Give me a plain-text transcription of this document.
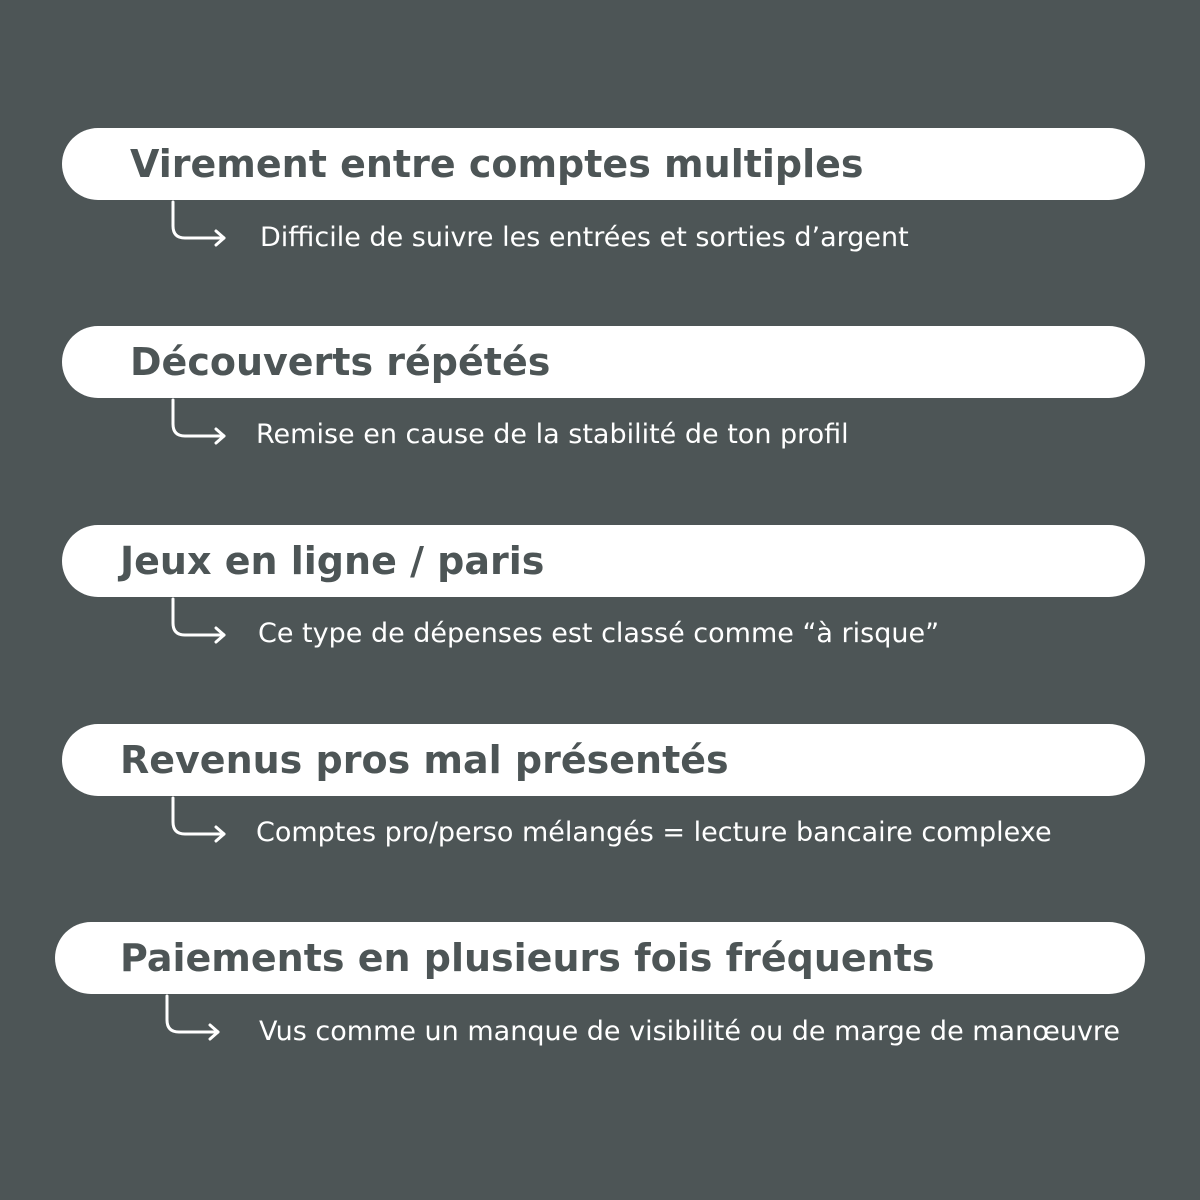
Virement entre comptes multiples
Difficile de suivre les entrées et sorties d’argent
Découverts répétés
Remise en cause de la stabilité de ton profil
Jeux en ligne / paris
Ce type de dépenses est classé comme “à risque”
Revenus pros mal présentés
Comptes pro/perso mélangés = lecture bancaire complexe
Paiements en plusieurs fois fréquents
Vus comme un manque de visibilité ou de marge de manœuvre
